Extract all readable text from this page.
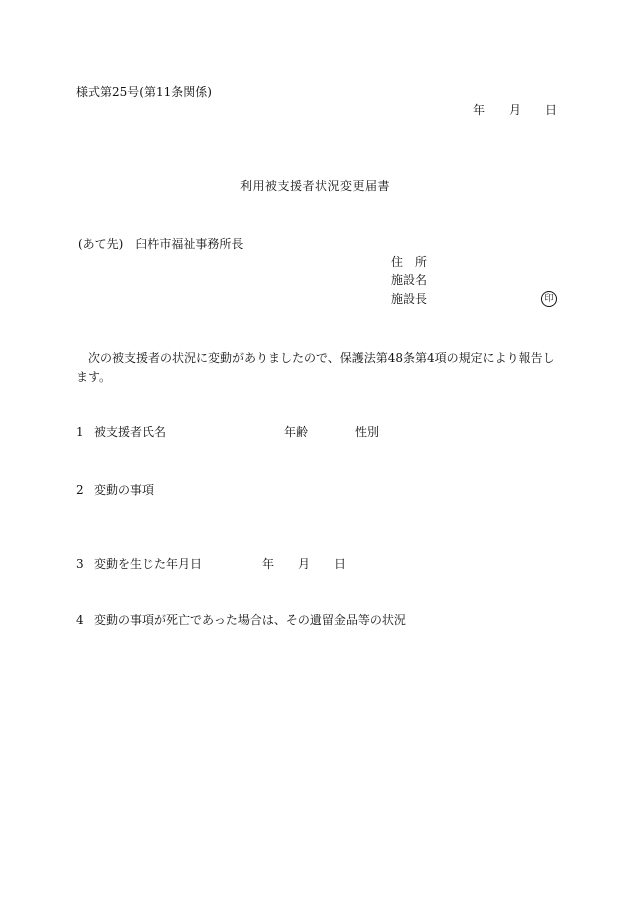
様式第25号(第11条関係)
年 月 日
利用被支援者状況変更届書
(あて先) 臼杵市福祉事務所長
住　所
施設名
施設長	印
次の被支援者の状況に変動がありましたので、保護法第48条第4項の規定により報告します。
1 被支援者氏名	年齢	性別
2 変動の事項
3 変動を生じた年月日	年 月 日
4 変動の事項が死亡であった場合は、その遺留金品等の状況
